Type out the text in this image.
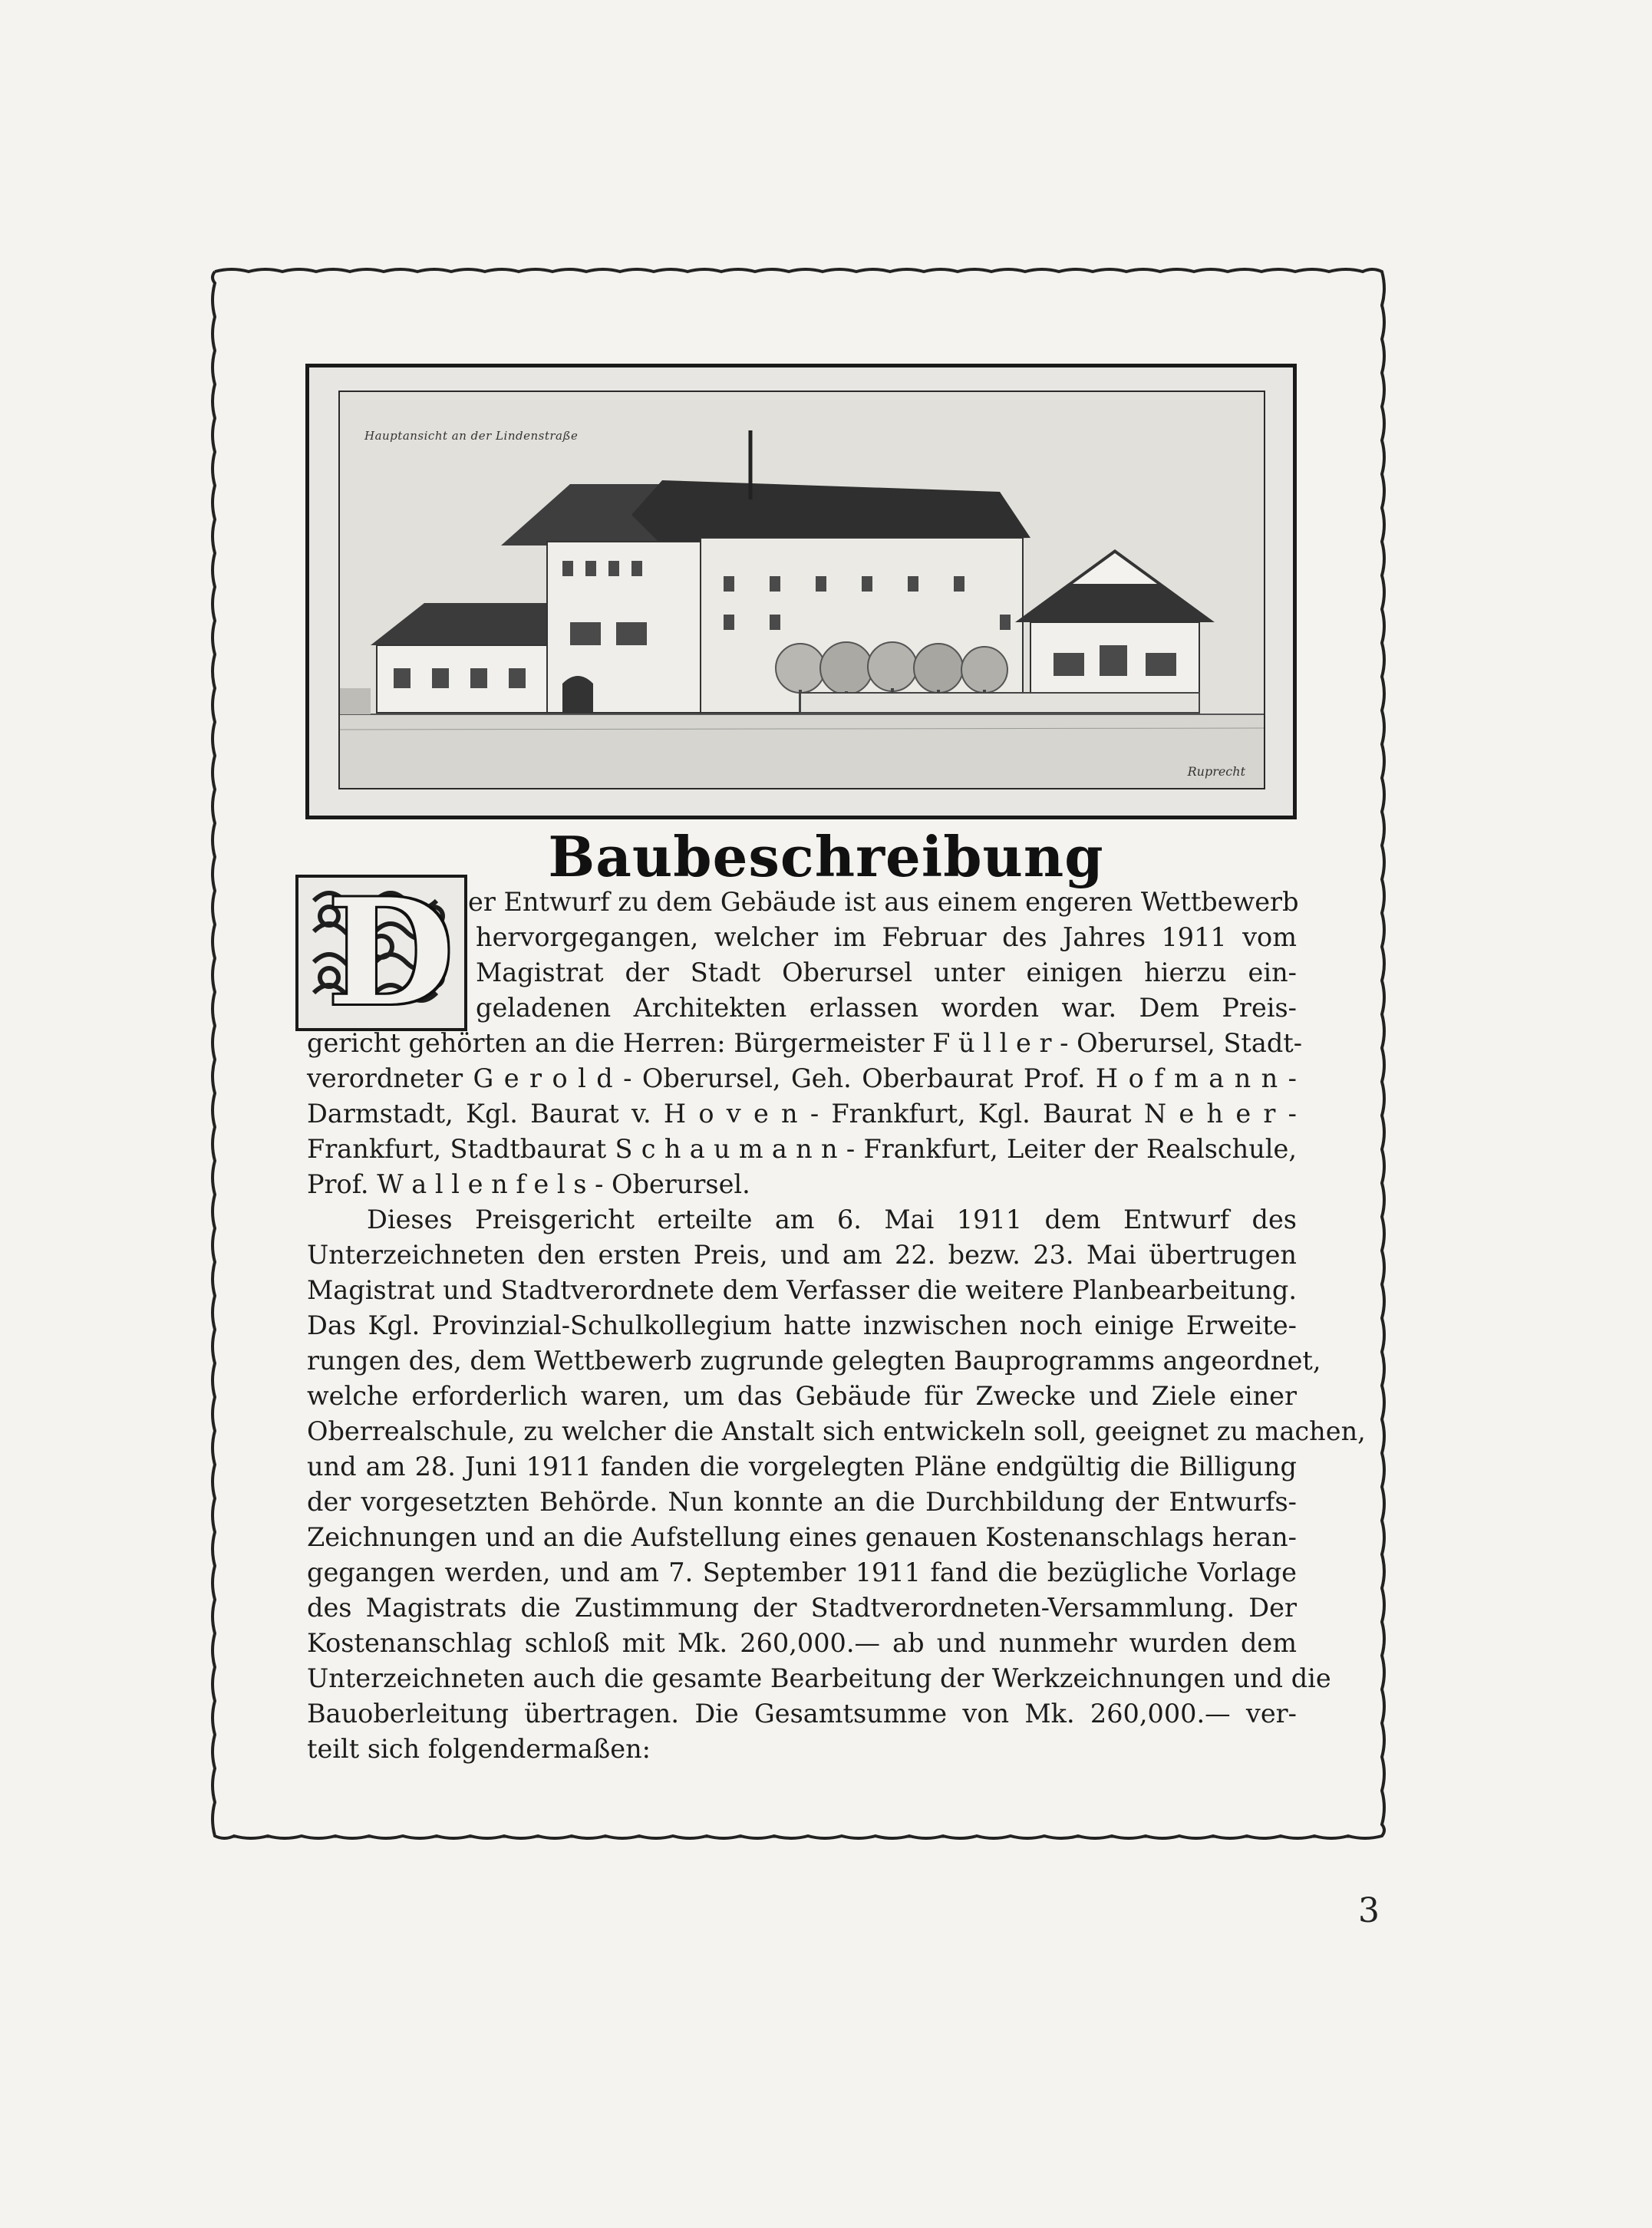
Hauptansicht an der Lindenstraße
Ruprecht
Baubeschreibung
D er Entwurf zu dem Gebäude ist aus einem engeren Wettbewerb
hervorgegangen, welcher im Februar des Jahres 1911 vom
Magistrat der Stadt Oberursel unter einigen hierzu ein-
geladenen Architekten erlassen worden war. Dem Preis-
gericht gehörten an die Herren: Bürgermeister F ü l l e r - Oberursel, Stadt-
verordneter G e r o l d - Oberursel, Geh. Oberbaurat Prof. H o f m a n n -
Darmstadt, Kgl. Baurat v. H o v e n - Frankfurt, Kgl. Baurat N e h e r -
Frankfurt, Stadtbaurat S c h a u m a n n - Frankfurt, Leiter der Realschule,
Prof. W a l l e n f e l s - Oberursel.
Dieses Preisgericht erteilte am 6. Mai 1911 dem Entwurf des
Unterzeichneten den ersten Preis, und am 22. bezw. 23. Mai übertrugen
Magistrat und Stadtverordnete dem Verfasser die weitere Planbearbeitung.
Das Kgl. Provinzial-Schulkollegium hatte inzwischen noch einige Erweite-
rungen des, dem Wettbewerb zugrunde gelegten Bauprogramms angeordnet,
welche erforderlich waren, um das Gebäude für Zwecke und Ziele einer
Oberrealschule, zu welcher die Anstalt sich entwickeln soll, geeignet zu machen,
und am 28. Juni 1911 fanden die vorgelegten Pläne endgültig die Billigung
der vorgesetzten Behörde. Nun konnte an die Durchbildung der Entwurfs-
Zeichnungen und an die Aufstellung eines genauen Kostenanschlags heran-
gegangen werden, und am 7. September 1911 fand die bezügliche Vorlage
des Magistrats die Zustimmung der Stadtverordneten-Versammlung. Der
Kostenanschlag schloß mit Mk. 260,000.— ab und nunmehr wurden dem
Unterzeichneten auch die gesamte Bearbeitung der Werkzeichnungen und die
Bauoberleitung übertragen. Die Gesamtsumme von Mk. 260,000.— ver-
teilt sich folgendermaßen:
3
